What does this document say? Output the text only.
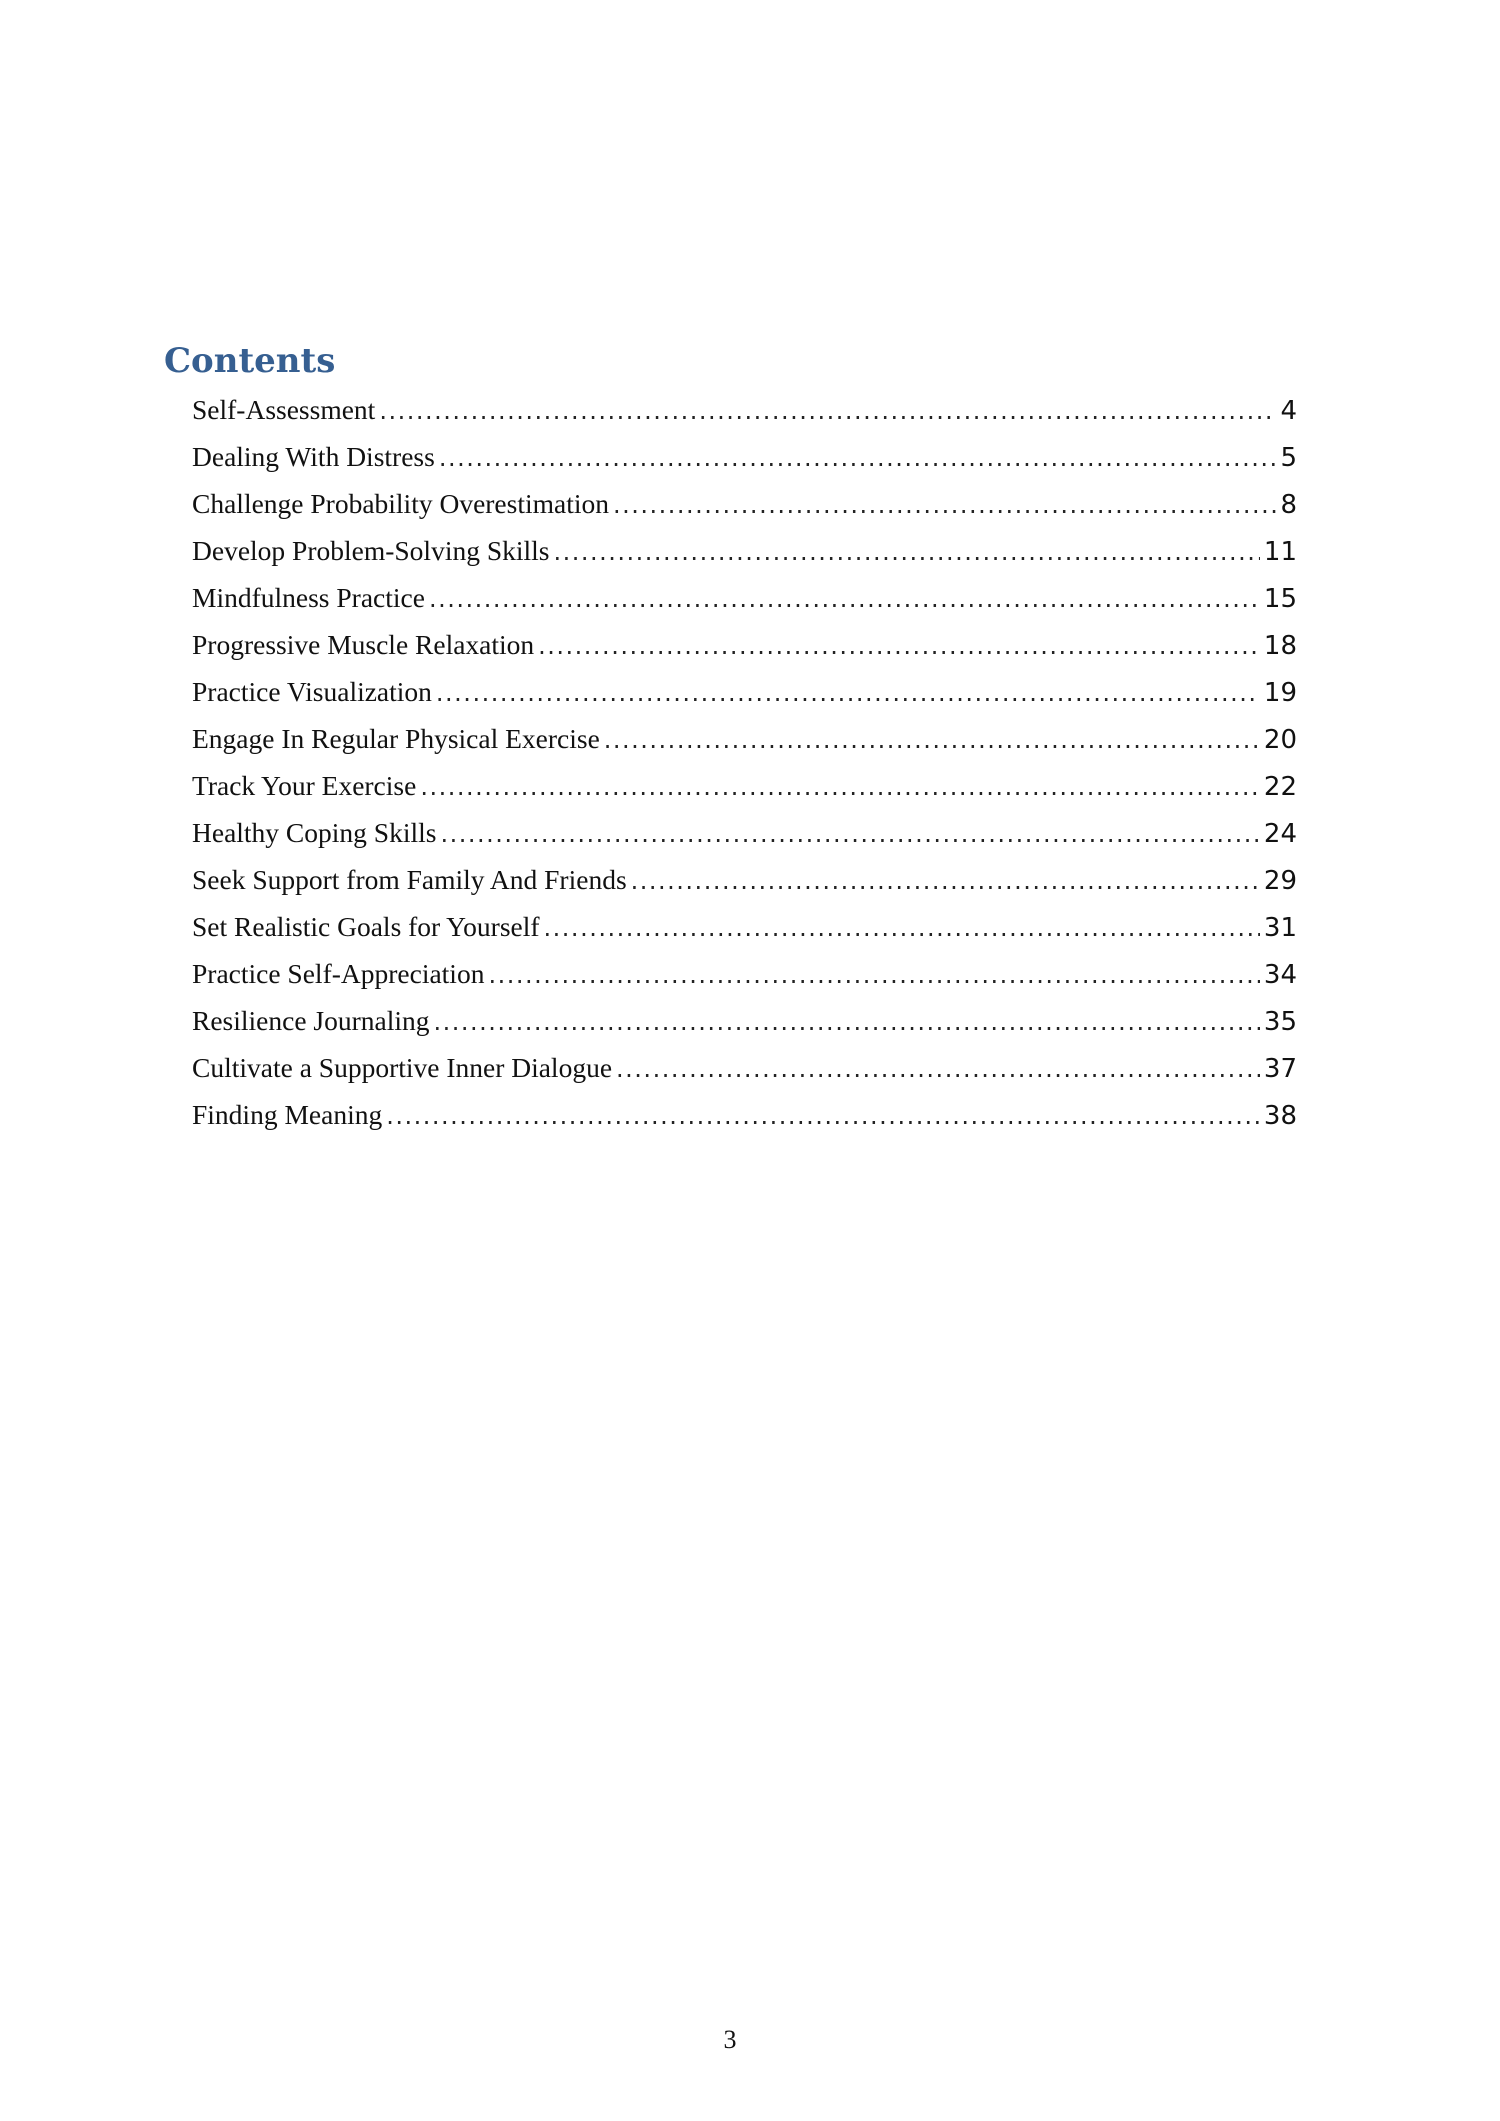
Contents
Self-Assessment .....	4
Dealing With Distress .....	5
Challenge Probability Overestimation .....	8
Develop Problem-Solving Skills .....	11
Mindfulness Practice .....	15
Progressive Muscle Relaxation .....	18
Practice Visualization .....	19
Engage In Regular Physical Exercise .....	20
Track Your Exercise .....	22
Healthy Coping Skills .....	24
Seek Support from Family And Friends .....	29
Set Realistic Goals for Yourself .....	31
Practice Self-Appreciation .....	34
Resilience Journaling .....	35
Cultivate a Supportive Inner Dialogue .....	37
Finding Meaning .....	38
3
